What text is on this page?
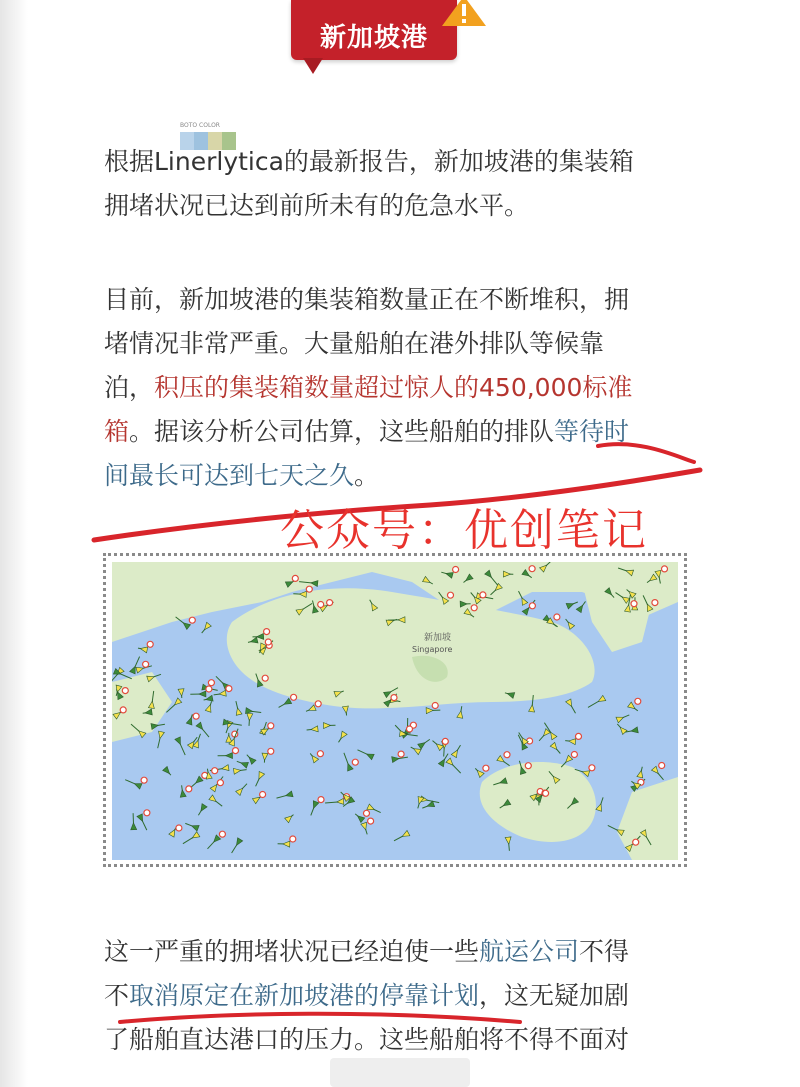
新加坡港
BOTO COLOR
根据Linerlytica的最新报告，新加坡港的集装箱
拥堵状况已达到前所未有的危急水平。
目前，新加坡港的集装箱数量正在不断堆积，拥
堵情况非常严重。大量船舶在港外排队等候靠
泊，积压的集装箱数量超过惊人的450,000标准
箱。据该分析公司估算，这些船舶的排队等待时
间最长可达到七天之久。
公众号：优创笔记
新加坡
Singapore
这一严重的拥堵状况已经迫使一些航运公司不得
不取消原定在新加坡港的停靠计划，这无疑加剧
了船舶直达港口的压力。这些船舶将不得不面对
